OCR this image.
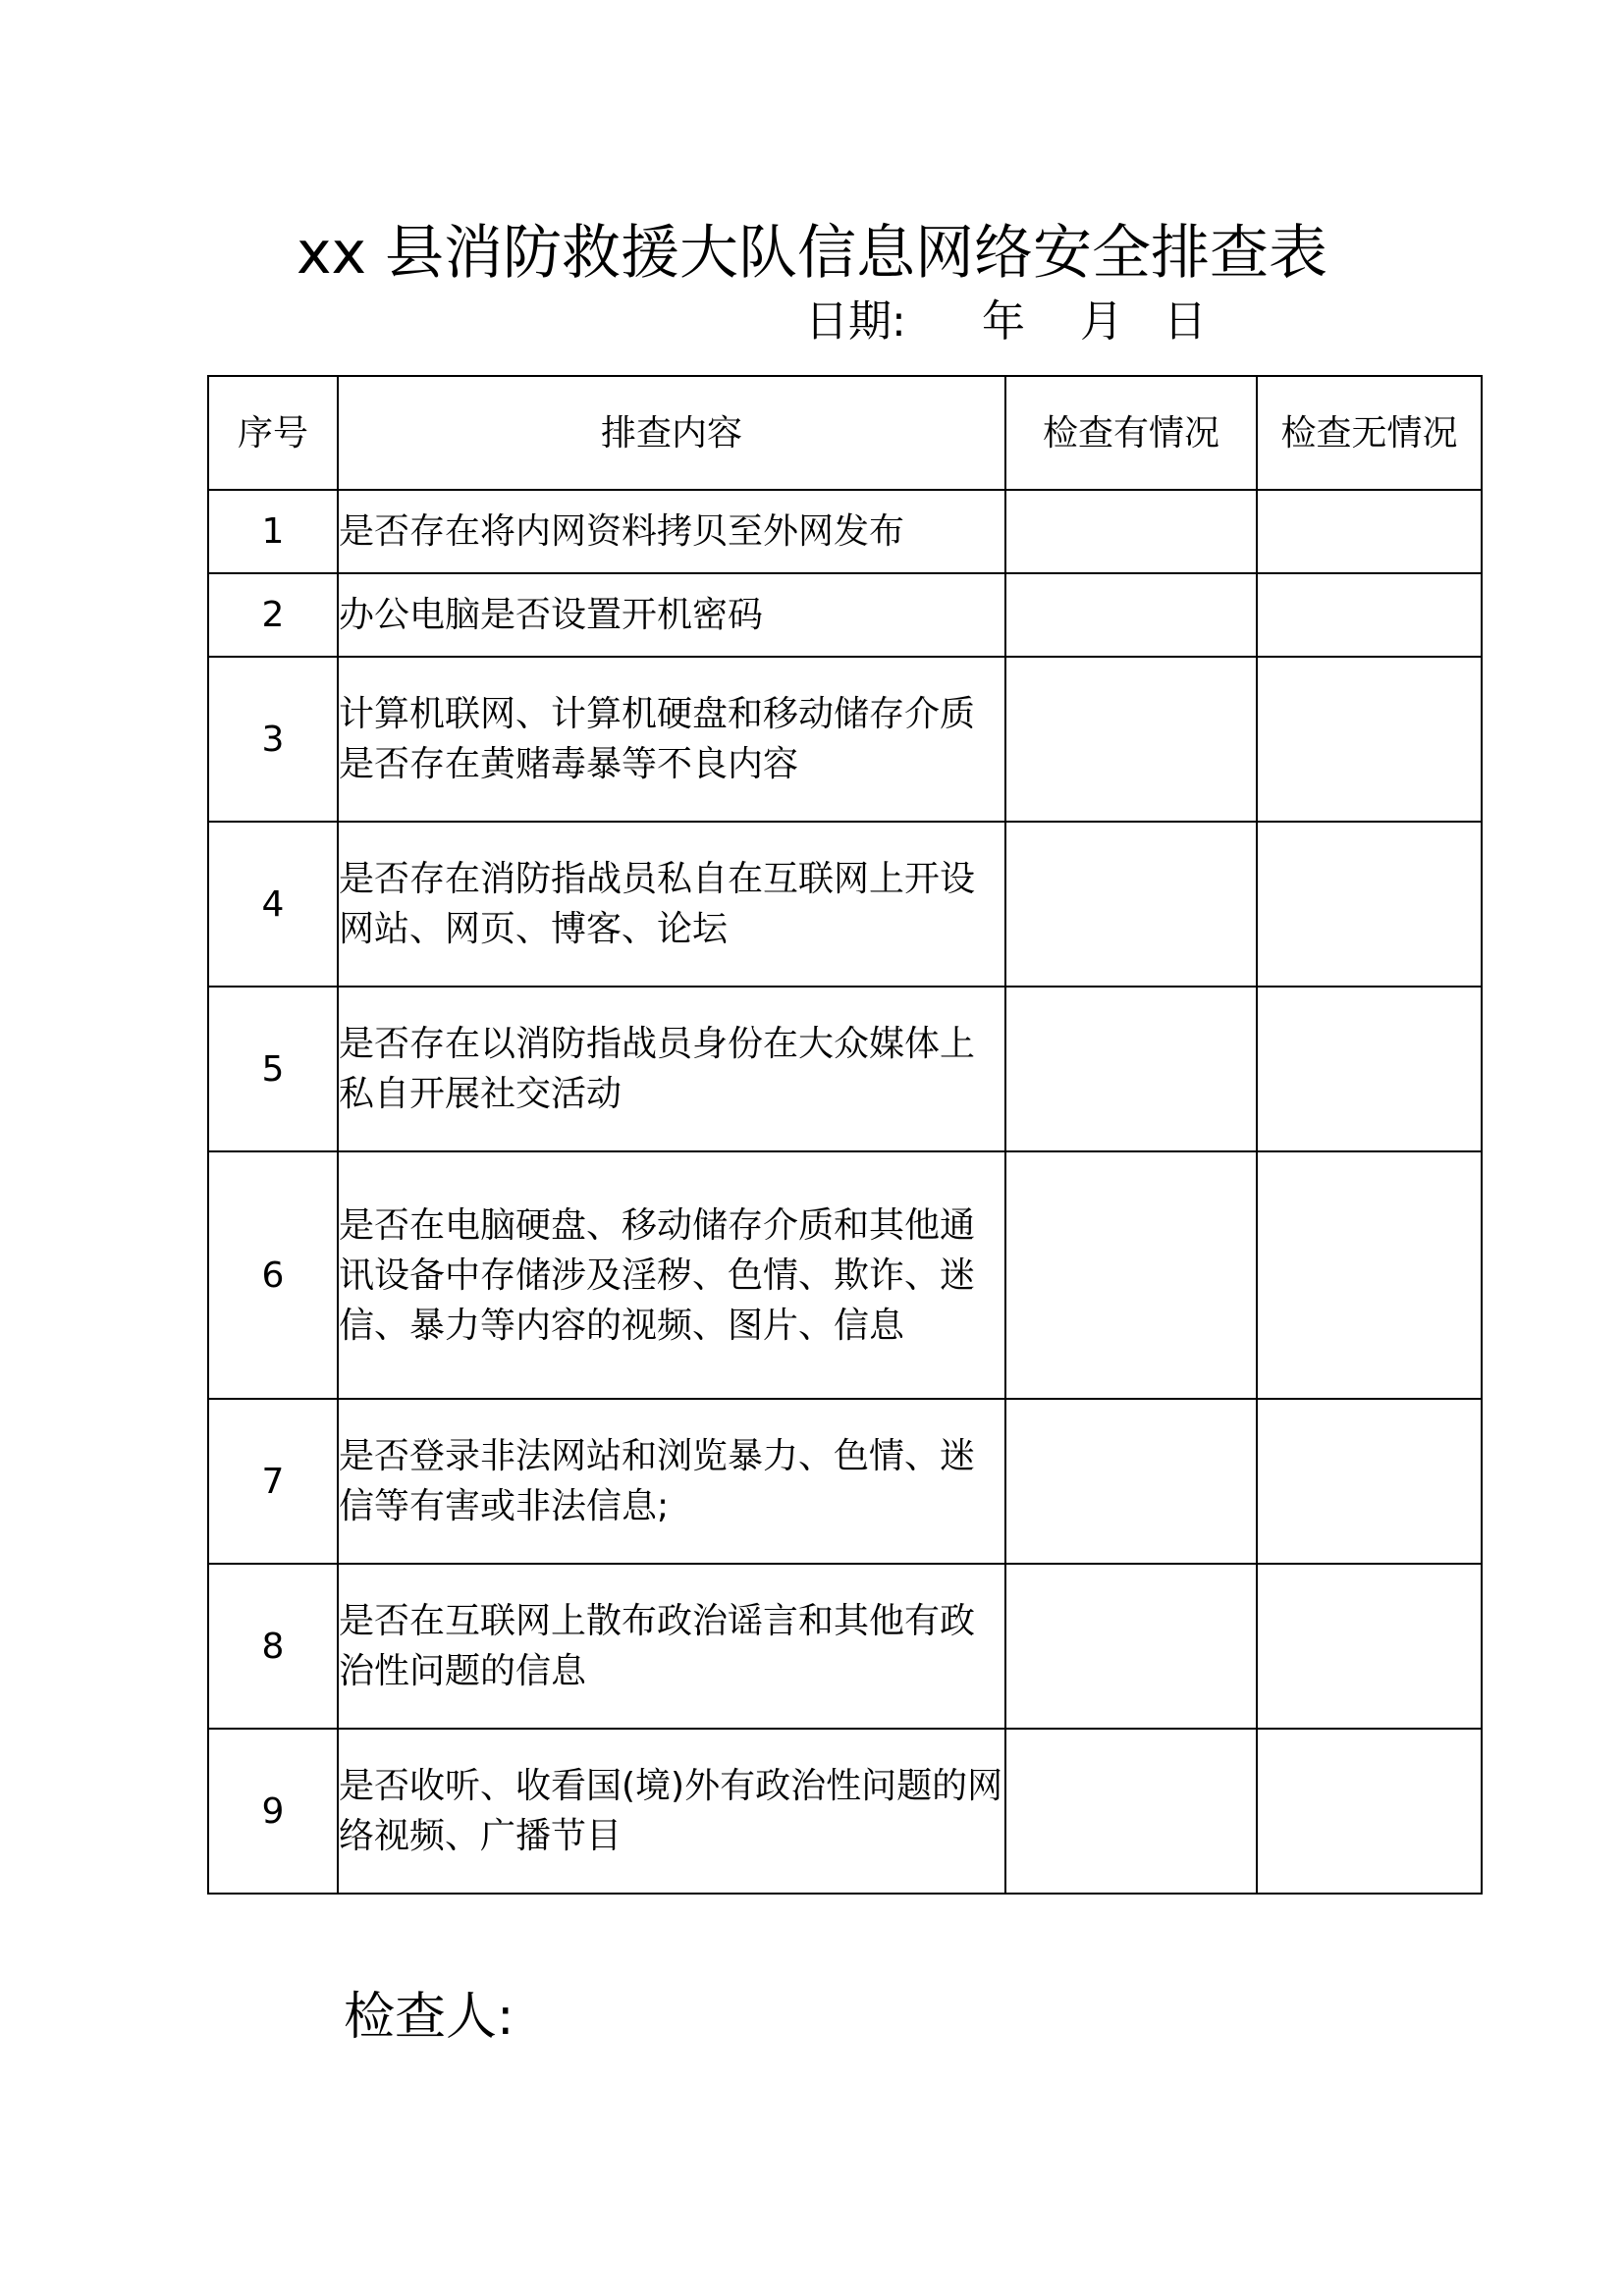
xx 县消防救援大队信息网络安全排查表
日期: 年 月 日
序号	排查内容	检查有情况	检查无情况
1	是否存在将内网资料拷贝至外网发布		
2	办公电脑是否设置开机密码		
3	计算机联网、计算机硬盘和移动储存介质是否存在黄赌毒暴等不良内容		
4	是否存在消防指战员私自在互联网上开设网站、网页、博客、论坛		
5	是否存在以消防指战员身份在大众媒体上私自开展社交活动		
6	是否在电脑硬盘、移动储存介质和其他通讯设备中存储涉及淫秽、色情、欺诈、迷信、暴力等内容的视频、图片、信息		
7	是否登录非法网站和浏览暴力、色情、迷信等有害或非法信息;		
8	是否在互联网上散布政治谣言和其他有政治性问题的信息		
9	是否收听、收看国(境)外有政治性问题的网络视频、广播节目		
检查人:
